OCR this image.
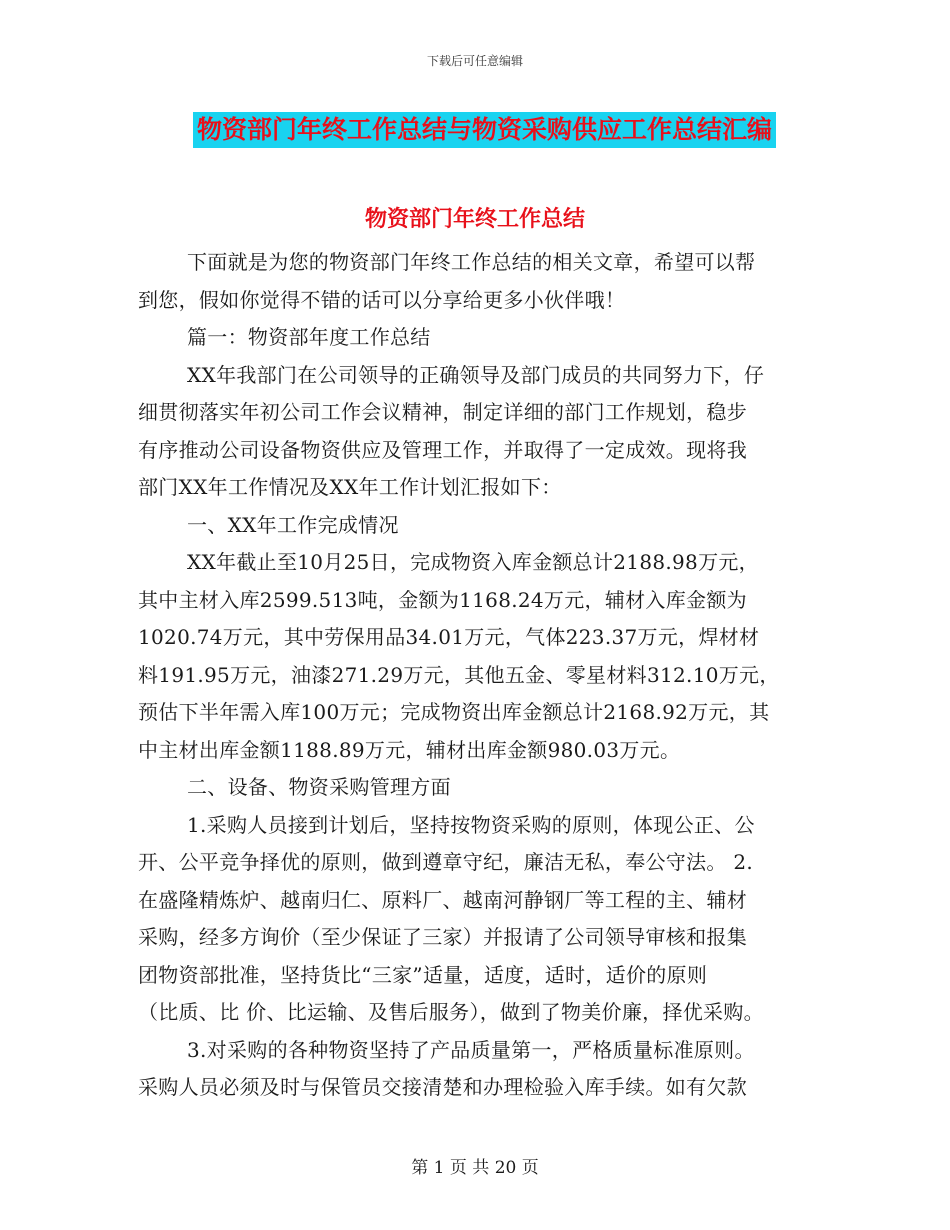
下载后可任意编辑
物资部门年终工作总结与物资采购供应工作总结汇编
物资部门年终工作总结
下面就是为您的物资部门年终工作总结的相关文章，希望可以帮
到您，假如你觉得不错的话可以分享给更多小伙伴哦！
篇一：物资部年度工作总结
XX年我部门在公司领导的正确领导及部门成员的共同努力下，仔
细贯彻落实年初公司工作会议精神，制定详细的部门工作规划，稳步
有序推动公司设备物资供应及管理工作，并取得了一定成效。现将我
部门XX年工作情况及XX年工作计划汇报如下：
一、XX年工作完成情况
XX年截止至10月25日，完成物资入库金额总计2188.98万元，
其中主材入库2599.513吨，金额为1168.24万元，辅材入库金额为
1020.74万元，其中劳保用品34.01万元，气体223.37万元，焊材材
料191.95万元，油漆271.29万元，其他五金、零星材料312.10万元，
预估下半年需入库100万元；完成物资出库金额总计2168.92万元，其
中主材出库金额1188.89万元，辅材出库金额980.03万元。
二、设备、物资采购管理方面
1.采购人员接到计划后，坚持按物资采购的原则，体现公正、公
开、公平竞争择优的原则，做到遵章守纪，廉洁无私，奉公守法。 2.
在盛隆精炼炉、越南归仁、原料厂、越南河静钢厂等工程的主、辅材
采购，经多方询价（至少保证了三家）并报请了公司领导审核和报集
团物资部批准，坚持货比“三家”适量，适度，适时，适价的原则
（比质、比 价、比运输、及售后服务），做到了物美价廉，择优采购。
3.对采购的各种物资坚持了产品质量第一，严格质量标准原则。
采购人员必须及时与保管员交接清楚和办理检验入库手续。如有欠款
第 1 页 共 20 页
